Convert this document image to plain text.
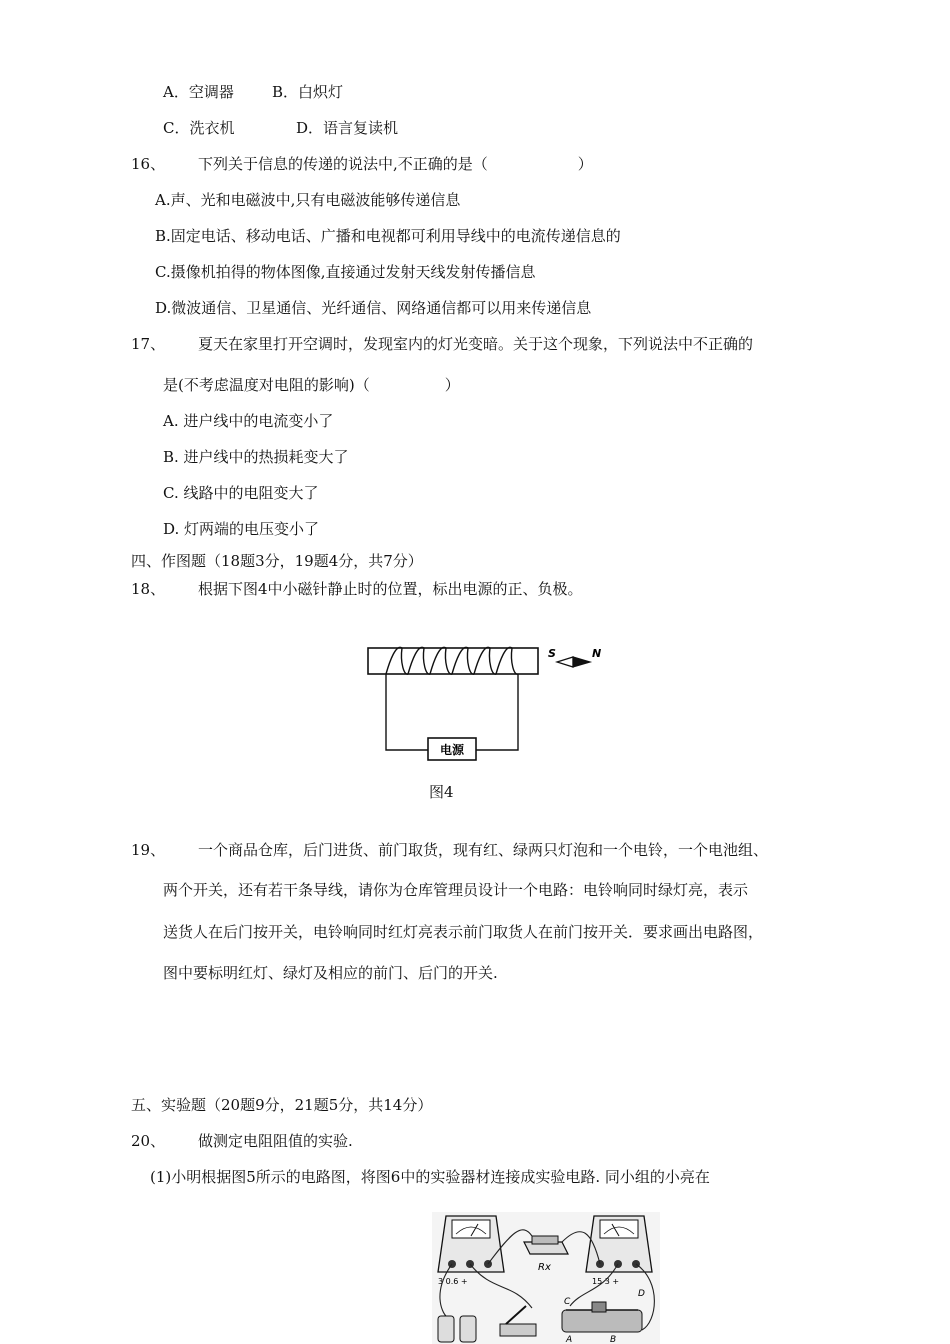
A．空调器	B．白炽灯
C．洗衣机	D．语言复读机
16、 下列关于信息的传递的说法中,不正确的是（　　　　　　）
A.声、光和电磁波中,只有电磁波能够传递信息
B.固定电话、移动电话、广播和电视都可利用导线中的电流传递信息的
C.摄像机拍得的物体图像,直接通过发射天线发射传播信息
D.微波通信、卫星通信、光纤通信、网络通信都可以用来传递信息
17、 夏天在家里打开空调时，发现室内的灯光变暗。关于这个现象，下列说法中不正确的
是(不考虑温度对电阻的影响)（　　　　　）
A. 进户线中的电流变小了
B. 进户线中的热损耗变大了
C. 线路中的电阻变大了
D. 灯两端的电压变小了
四、作图题（18题3分，19题4分，共7分）
18、 根据下图4中小磁针静止时的位置，标出电源的正、负极。
电源
S	N
图4
19、 一个商品仓库，后门进货、前门取货，现有红、绿两只灯泡和一个电铃，一个电池组、
两个开关，还有若干条导线，请你为仓库管理员设计一个电路：电铃响同时绿灯亮，表示
送货人在后门按开关，电铃响同时红灯亮表示前门取货人在前门按开关．要求画出电路图，
图中要标明红灯、绿灯及相应的前门、后门的开关.
五、实验题（20题9分，21题5分，共14分）
20、 做测定电阻阻值的实验.
(1)小明根据图5所示的电路图，将图6中的实验器材连接成实验电路. 同小组的小亮在
3 0.6 +	15 3 +
Rx
C
D
A	B
